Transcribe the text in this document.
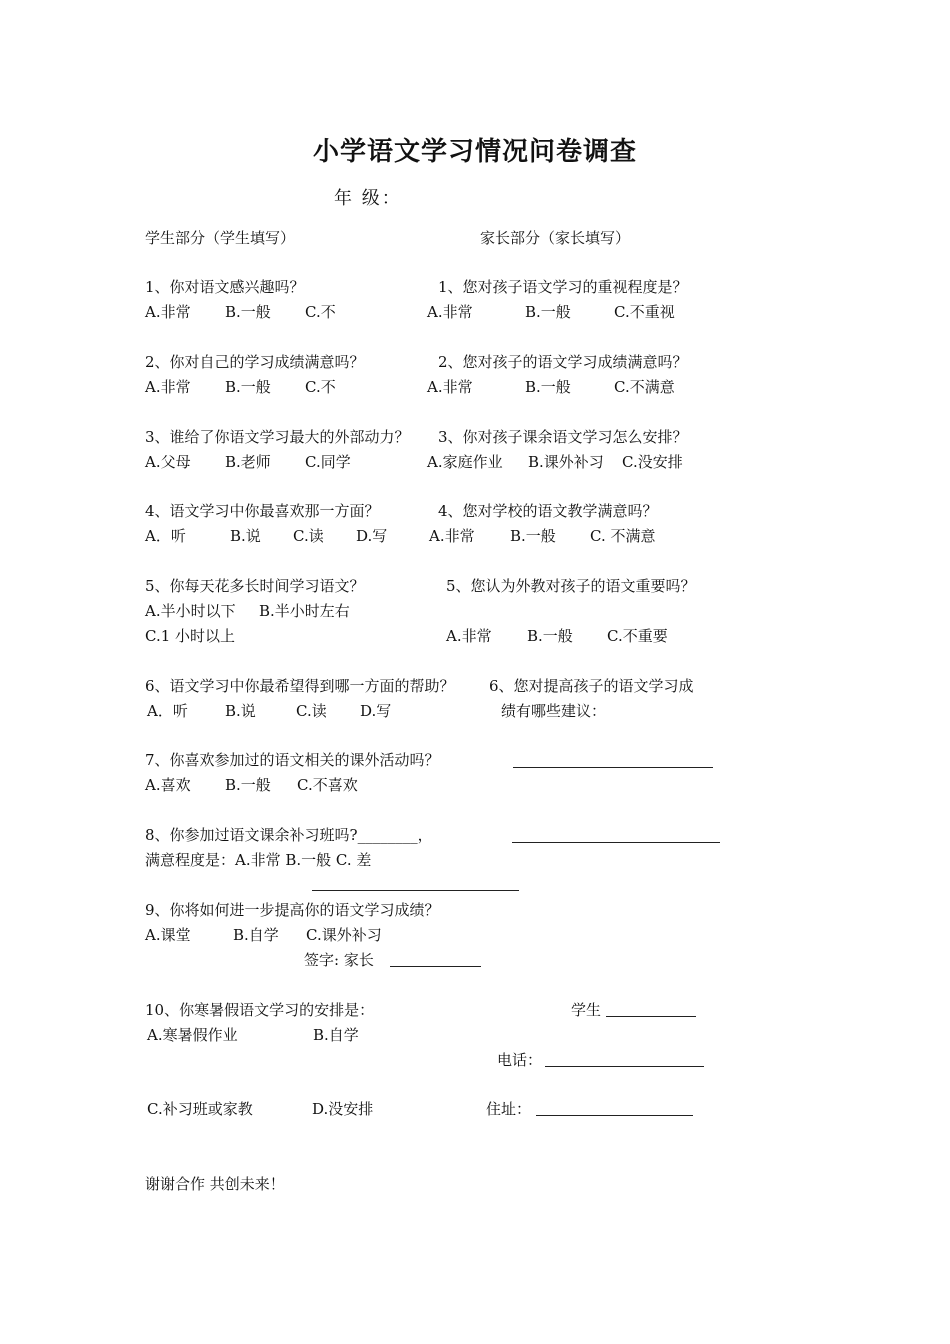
小学语文学习情况问卷调查
年 级：
学生部分（学生填写）	家长部分（家长填写）
1、你对语文感兴趣吗？	1、您对孩子语文学习的重视程度是？
A.非常 B.一般 C.不	A.非常	B.一般	C.不重视
2、你对自己的学习成绩满意吗？	2、您对孩子的语文学习成绩满意吗？
A.非常 B.一般 C.不	A.非常	B.一般	C.不满意
3、谁给了你语文学习最大的外部动力？ 3、你对孩子课余语文学习怎么安排？
A.父母 B.老师 C.同学	A.家庭作业 B.课外补习 C.没安排
4、语文学习中你最喜欢那一方面？	4、您对学校的语文教学满意吗？
A．听	B.说 C.读 D.写	A.非常 B.一般 C. 不满意
5、你每天花多长时间学习语文？	5、您认为外教对孩子的语文重要吗？
A.半小时以下 B.半小时左右
C.1 小时以上	A.非常 B.一般 C.不重要
6、语文学习中你最希望得到哪一方面的帮助？ 6、您对提高孩子的语文学习成
A．听 B.说	C.读 D.写	绩有哪些建议：
7、你喜欢参加过的语文相关的课外活动吗？
A.喜欢 B.一般 C.不喜欢
8、你参加过语文课余补习班吗?________，
满意程度是：A.非常 B.一般 C. 差
9、你将如何进一步提高你的语文学习成绩？
A.课堂	B.自学 C.课外补习
签字: 家长
10、你寒暑假语文学习的安排是：	学生
A.寒暑假作业	B.自学
电话：
C.补习班或家教	D.没安排	住址：
谢谢合作 共创未来！
